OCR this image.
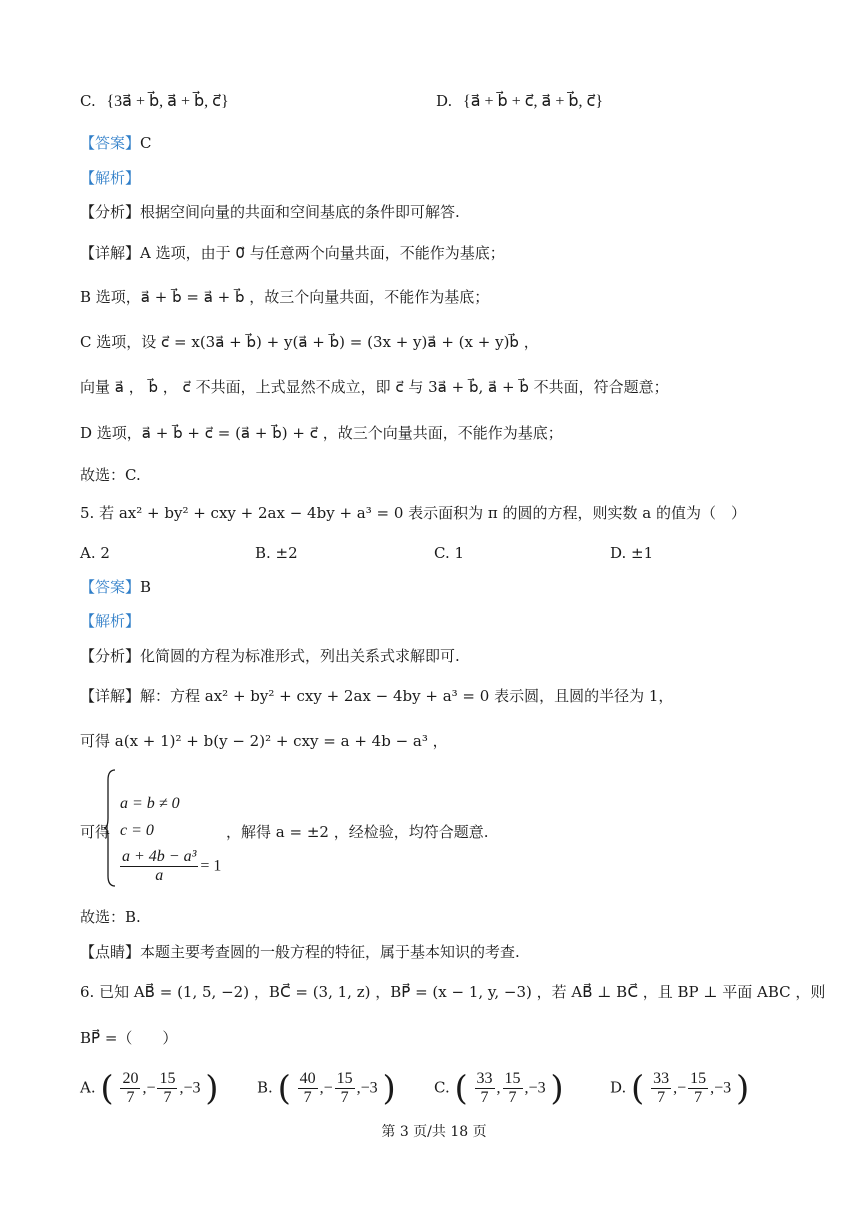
C. {3a⃗ + b⃗, a⃗ + b⃗, c⃗}	D. {a⃗ + b⃗ + c⃗, a⃗ + b⃗, c⃗}
【答案】C
【解析】
【分析】根据空间向量的共面和空间基底的条件即可解答.
【详解】A 选项，由于 0⃗ 与任意两个向量共面，不能作为基底；
B 选项，a⃗ + b⃗ = a⃗ + b⃗ ，故三个向量共面，不能作为基底；
C 选项，设 c⃗ = x(3a⃗ + b⃗) + y(a⃗ + b⃗) = (3x + y)a⃗ + (x + y)b⃗ ，
向量 a⃗ ， b⃗ ， c⃗ 不共面，上式显然不成立，即 c⃗ 与 3a⃗ + b⃗, a⃗ + b⃗ 不共面，符合题意；
D 选项，a⃗ + b⃗ + c⃗ = (a⃗ + b⃗) + c⃗ ，故三个向量共面，不能作为基底；
故选：C.
5. 若 ax² + by² + cxy + 2ax − 4by + a³ = 0 表示面积为 π 的圆的方程，则实数 a 的值为（　）
A. 2	B. ±2	C. 1	D. ±1
【答案】B
【解析】
【分析】化简圆的方程为标准形式，列出关系式求解即可.
【详解】解：方程 ax² + by² + cxy + 2ax − 4by + a³ = 0 表示圆，且圆的半径为 1，
可得 a(x + 1)² + b(y − 2)² + cxy = a + 4b − a³ ，
可得
a = b ≠ 0
c = 0
$\frac{\text{a + 4b − a³}}{a} = 1$
，解得 a = ±2 ，经检验，均符合题意.
故选：B.
【点睛】本题主要考查圆的一般方程的特征，属于基本知识的考查.
6. 已知 AB⃗ = (1, 5, −2) ，BC⃗ = (3, 1, z) ，BP⃗ = (x − 1, y, −3) ，若 AB⃗ ⊥ BC⃗ ，且 BP ⊥ 平面 ABC ，则
BP⃗ =（　　）
A. ( $\frac{20}{7}$ ,− $\frac{15}{7} ,-3$ )	B. ( $\frac{40}{7}$ ,− $\frac{15}{7} ,-3$ )	C. ( $\frac{33}{7}$ , $\frac{15}{7} ,-3$ )	D. ( $\frac{33}{7}$ ,− $\frac{15}{7} ,-3$ )
第 3 页/共 18 页
